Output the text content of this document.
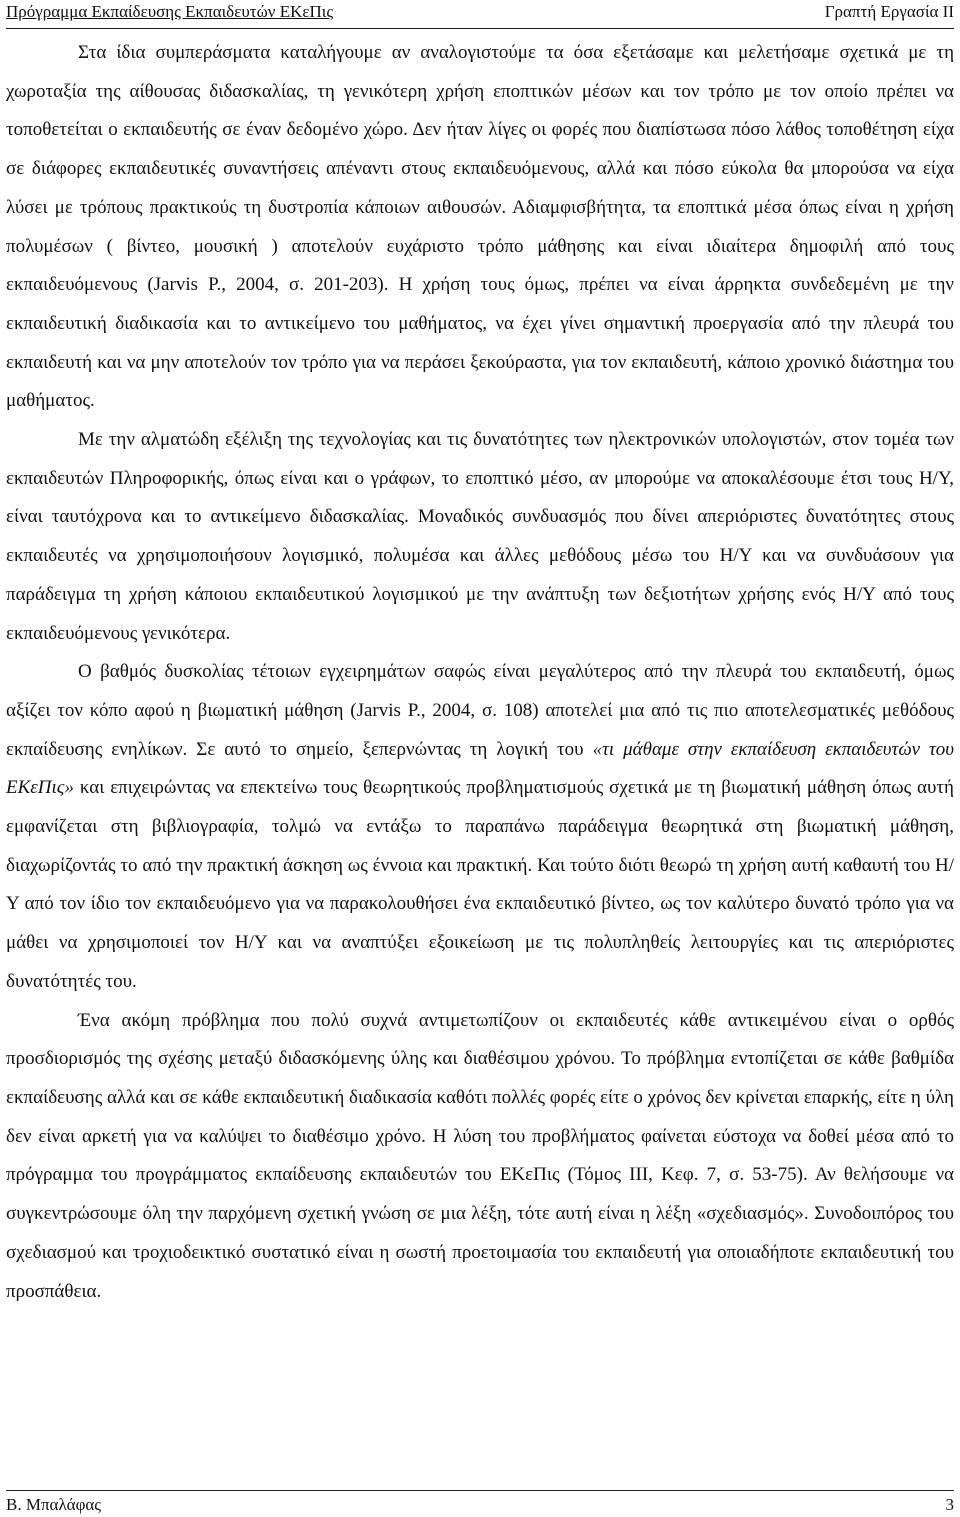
Πρόγραμμα Εκπαίδευσης Εκπαιδευτών ΕΚεΠις	Γραπτή Εργασία ΙΙ

Στα ίδια συμπεράσματα καταλήγουμε αν αναλογιστούμε τα όσα εξετάσαμε και μελετήσαμε σχετικά με τη χωροταξία της αίθουσας διδασκαλίας, τη γενικότερη χρήση εποπτικών μέσων και τον τρόπο με τον οποίο πρέπει να τοποθετείται ο εκπαιδευτής σε έναν δεδομένο χώρο. Δεν ήταν λίγες οι φορές που διαπίστωσα πόσο λάθος τοποθέτηση είχα σε διάφορες εκπαιδευτικές συναντήσεις απέναντι στους εκπαιδευόμενους, αλλά και πόσο εύκολα θα μπορούσα να είχα λύσει με τρόπους πρακτικούς τη δυστροπία κάποιων αιθουσών. Αδιαμφισβήτητα, τα εποπτικά μέσα όπως είναι η χρήση πολυμέσων ( βίντεο, μουσική ) αποτελούν ευχάριστο τρόπο μάθησης και είναι ιδιαίτερα δημοφιλή από τους εκπαιδευόμενους (Jarvis P., 2004, σ. 201-203). Η χρήση τους όμως, πρέπει να είναι άρρηκτα συνδεδεμένη με την εκπαιδευτική διαδικασία και το αντικείμενο του μαθήματος, να έχει γίνει σημαντική προεργασία από την πλευρά του εκπαιδευτή και να μην αποτελούν τον τρόπο για να περάσει ξεκούραστα, για τον εκπαιδευτή, κάποιο χρονικό διάστημα του μαθήματος.

Με την αλματώδη εξέλιξη της τεχνολογίας και τις δυνατότητες των ηλεκτρονικών υπολογιστών, στον τομέα των εκπαιδευτών Πληροφορικής, όπως είναι και ο γράφων, το εποπτικό μέσο, αν μπορούμε να αποκαλέσουμε έτσι τους Η/Υ, είναι ταυτόχρονα και το αντικείμενο διδασκαλίας. Μοναδικός συνδυασμός που δίνει απεριόριστες δυνατότητες στους εκπαιδευτές να χρησιμοποιήσουν λογισμικό, πολυμέσα και άλλες μεθόδους μέσω του Η/Υ και να συνδυάσουν για παράδειγμα τη χρήση κάποιου εκπαιδευτικού λογισμικού με την ανάπτυξη των δεξιοτήτων χρήσης ενός Η/Υ από τους εκπαιδευόμενους γενικότερα.

Ο βαθμός δυσκολίας τέτοιων εγχειρημάτων σαφώς είναι μεγαλύτερος από την πλευρά του εκπαιδευτή, όμως αξίζει τον κόπο αφού η βιωματική μάθηση (Jarvis P., 2004, σ. 108) αποτελεί μια από τις πιο αποτελεσματικές μεθόδους εκπαίδευσης ενηλίκων. Σε αυτό το σημείο, ξεπερνώντας τη λογική του «τι μάθαμε στην εκπαίδευση εκπαιδευτών του ΕΚεΠις» και επιχειρώντας να επεκτείνω τους θεωρητικούς προβληματισμούς σχετικά με τη βιωματική μάθηση όπως αυτή εμφανίζεται στη βιβλιογραφία, τολμώ να εντάξω το παραπάνω παράδειγμα θεωρητικά στη βιωματική μάθηση, διαχωρίζοντάς το από την πρακτική άσκηση ως έννοια και πρακτική. Και τούτο διότι θεωρώ τη χρήση αυτή καθαυτή του Η/Υ από τον ίδιο τον εκπαιδευόμενο για να παρακολουθήσει ένα εκπαιδευτικό βίντεο, ως τον καλύτερο δυνατό τρόπο για να μάθει να χρησιμοποιεί τον Η/Υ και να αναπτύξει εξοικείωση με τις πολυπληθείς λειτουργίες και τις απεριόριστες δυνατότητές του.

Ένα ακόμη πρόβλημα που πολύ συχνά αντιμετωπίζουν οι εκπαιδευτές κάθε αντικειμένου είναι ο ορθός προσδιορισμός της σχέσης μεταξύ διδασκόμενης ύλης και διαθέσιμου χρόνου. Το πρόβλημα εντοπίζεται σε κάθε βαθμίδα εκπαίδευσης αλλά και σε κάθε εκπαιδευτική διαδικασία καθότι πολλές φορές είτε ο χρόνος δεν κρίνεται επαρκής, είτε η ύλη δεν είναι αρκετή για να καλύψει το διαθέσιμο χρόνο. Η λύση του προβλήματος φαίνεται εύστοχα να δοθεί μέσα από το πρόγραμμα του προγράμματος εκπαίδευσης εκπαιδευτών του ΕΚεΠις (Τόμος ΙΙΙ, Κεφ. 7, σ. 53-75). Αν θελήσουμε να συγκεντρώσουμε όλη την παρχόμενη σχετική γνώση σε μια λέξη, τότε αυτή είναι η λέξη «σχεδιασμός». Συνοδοιπόρος του σχεδιασμού και τροχιοδεικτικό συστατικό είναι η σωστή προετοιμασία του εκπαιδευτή για οποιαδήποτε εκπαιδευτική του προσπάθεια.

Β. Μπαλάφας	3
